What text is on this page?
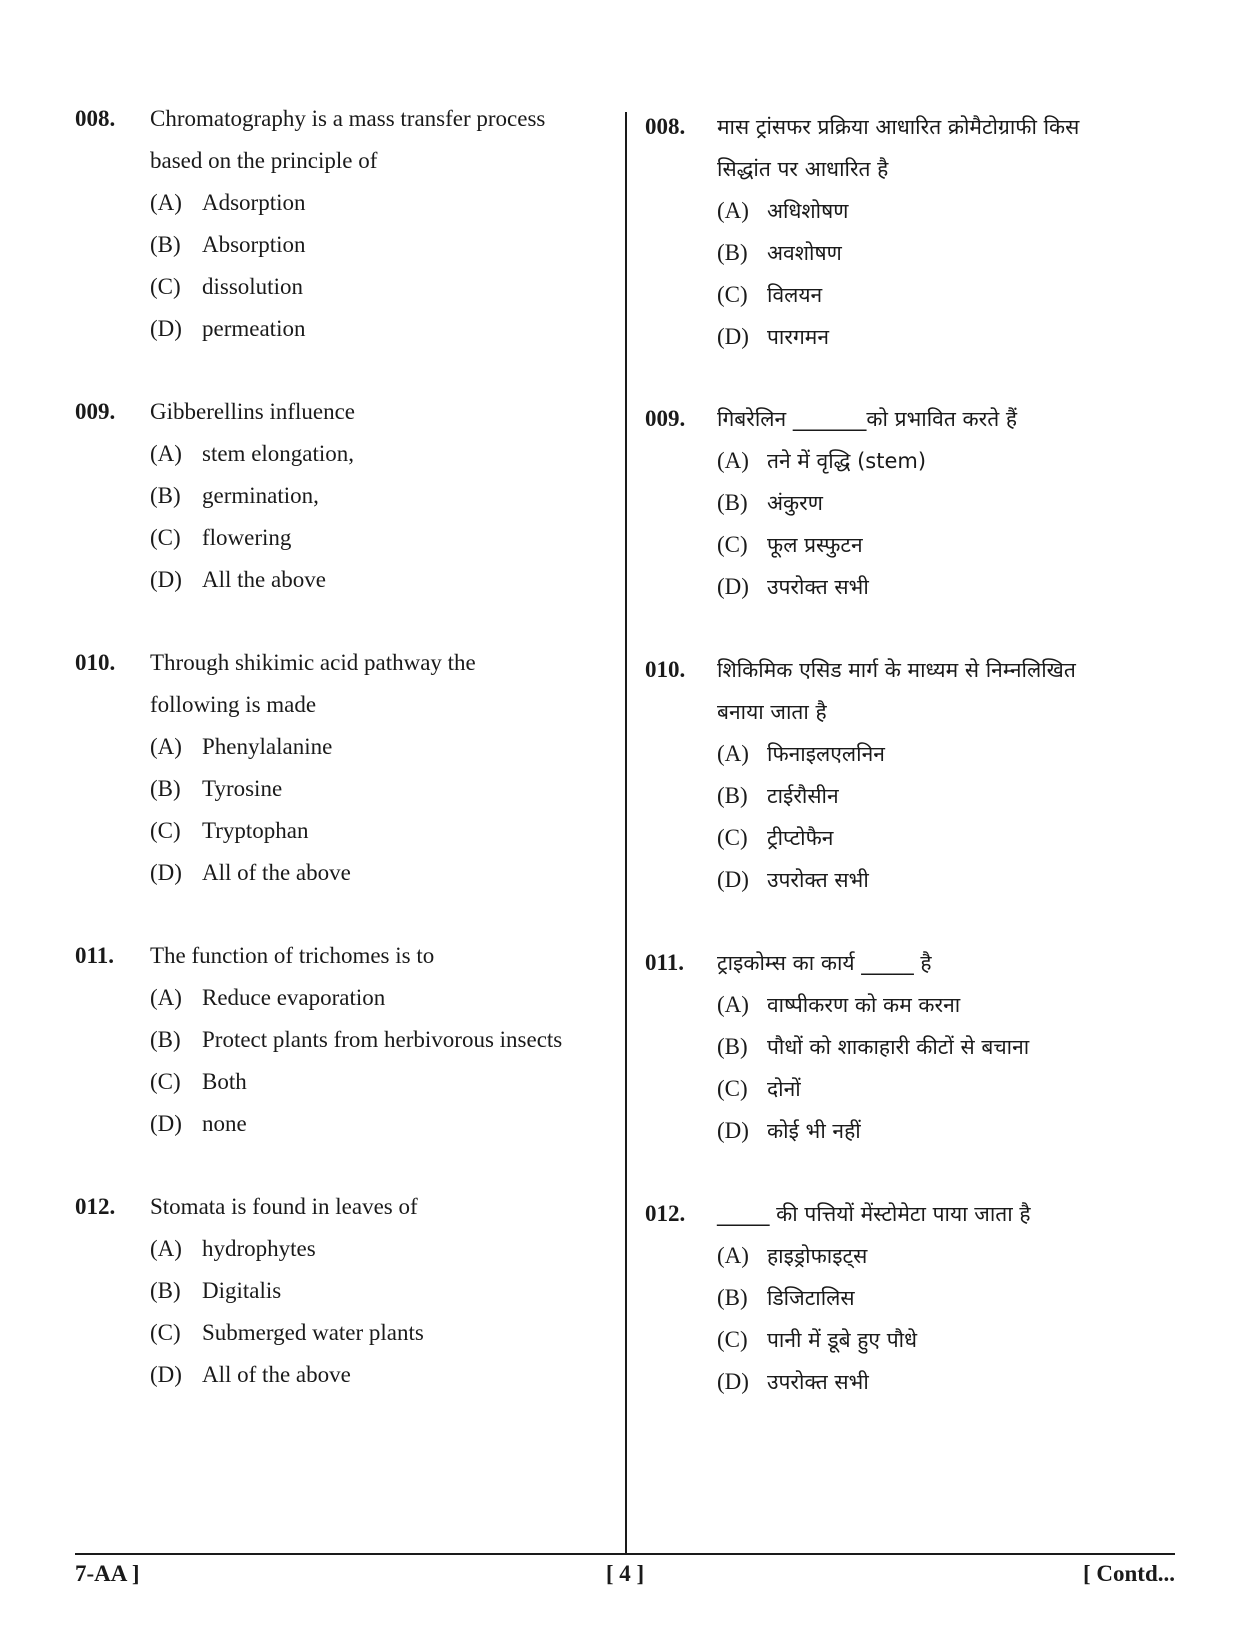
008.	Chromatography is a mass transfer process
based on the principle of
(A) Adsorption
(B) Absorption
(C) dissolution
(D) permeation
009.	Gibberellins influence
(A) stem elongation,
(B) germination,
(C) flowering
(D) All the above
010.	Through shikimic acid pathway the
following is made
(A) Phenylalanine
(B) Tyrosine
(C) Tryptophan
(D) All of the above
011.	The function of trichomes is to
(A) Reduce evaporation
(B) Protect plants from herbivorous insects
(C) Both
(D) none
012.	Stomata is found in leaves of
(A) hydrophytes
(B) Digitalis
(C) Submerged water plants
(D) All of the above
008.	मास ट्रांसफर प्रक्रिया आधारित क्रोमैटोग्राफी किस
सिद्धांत पर आधारित है
(A) अधिशोषण
(B) अवशोषण
(C) विलयन
(D) पारगमन
009.	गिबरेलिन _______को प्रभावित करते हैं
(A) तने में वृद्धि (stem)
(B) अंकुरण
(C) फूल प्रस्फुटन
(D) उपरोक्त सभी
010.	शिकिमिक एसिड मार्ग के माध्यम से निम्नलिखित
बनाया जाता है
(A) फिनाइलएलनिन
(B) टाईरौसीन
(C) ट्रीप्टोफैन
(D) उपरोक्त सभी
011.	ट्राइकोम्स का कार्य _____ है
(A) वाष्पीकरण को कम करना
(B) पौधों को शाकाहारी कीटों से बचाना
(C) दोनों
(D) कोई भी नहीं
012.	_____ की पत्तियों मेंस्टोमेटा पाया जाता है
(A) हाइड्रोफाइट्स
(B) डिजिटालिस
(C) पानी में डूबे हुए पौधे
(D) उपरोक्त सभी
7-AA ]	[ 4 ]	[ Contd...
